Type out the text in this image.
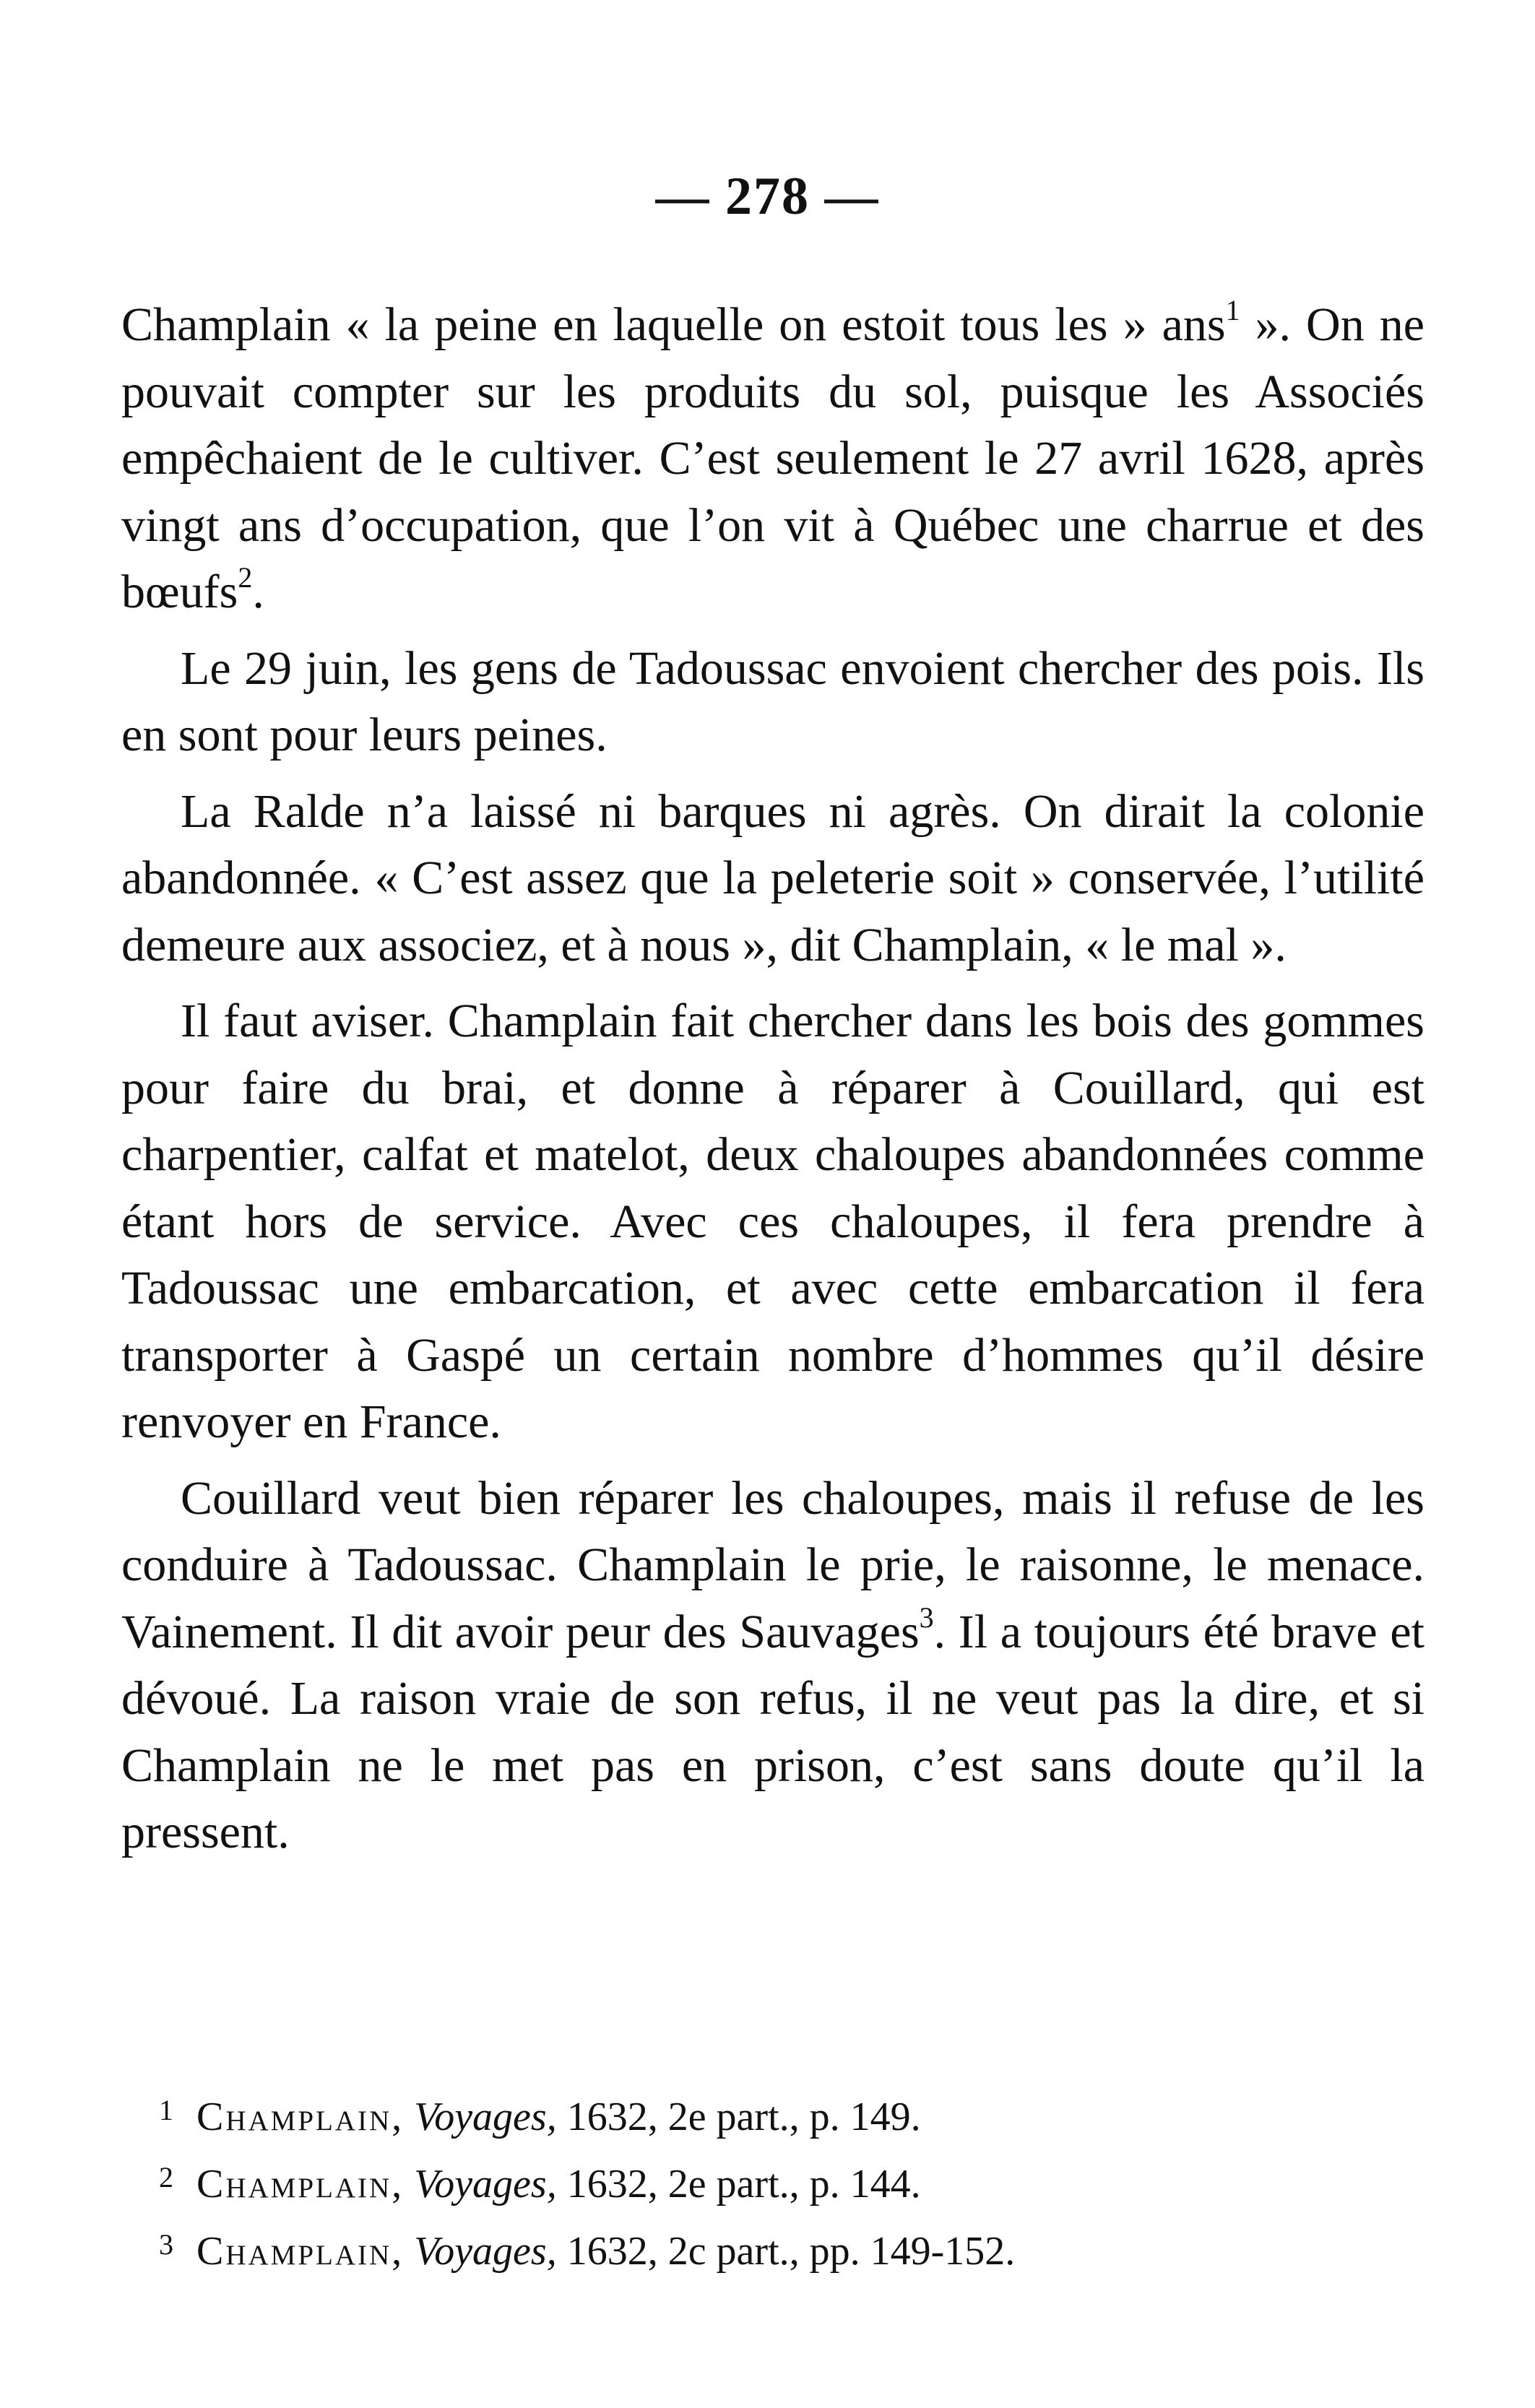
— 278 —

Champlain « la peine en laquelle on estoit tous les » ans$^1$ ». On ne pouvait compter sur les produits du sol, puisque les Associés empêchaient de le cultiver. C’est seulement le 27 avril 1628, après vingt ans d’occupation, que l’on vit à Québec une charrue et des bœufs$^2$.

Le 29 juin, les gens de Tadoussac envoient chercher des pois. Ils en sont pour leurs peines.

La Ralde n’a laissé ni barques ni agrès. On dirait la colonie abandonnée. « C’est assez que la peleterie soit » conservée, l’utilité demeure aux associez, et à nous », dit Champlain, « le mal ».

Il faut aviser. Champlain fait chercher dans les bois des gommes pour faire du brai, et donne à réparer à Couillard, qui est charpentier, calfat et matelot, deux chaloupes abandonnées comme étant hors de service. Avec ces chaloupes, il fera prendre à Tadoussac une embarcation, et avec cette embarcation il fera transporter à Gaspé un certain nombre d’hommes qu’il désire renvoyer en France.

Couillard veut bien réparer les chaloupes, mais il refuse de les conduire à Tadoussac. Champlain le prie, le raisonne, le menace. Vainement. Il dit avoir peur des Sauvages$^3$. Il a toujours été brave et dévoué. La raison vraie de son refus, il ne veut pas la dire, et si Champlain ne le met pas en prison, c’est sans doute qu’il la pressent.

1 Champlain, Voyages, 1632, 2e part., p. 149.
2 Champlain, Voyages, 1632, 2e part., p. 144.
3 Champlain, Voyages, 1632, 2c part., pp. 149-152.
